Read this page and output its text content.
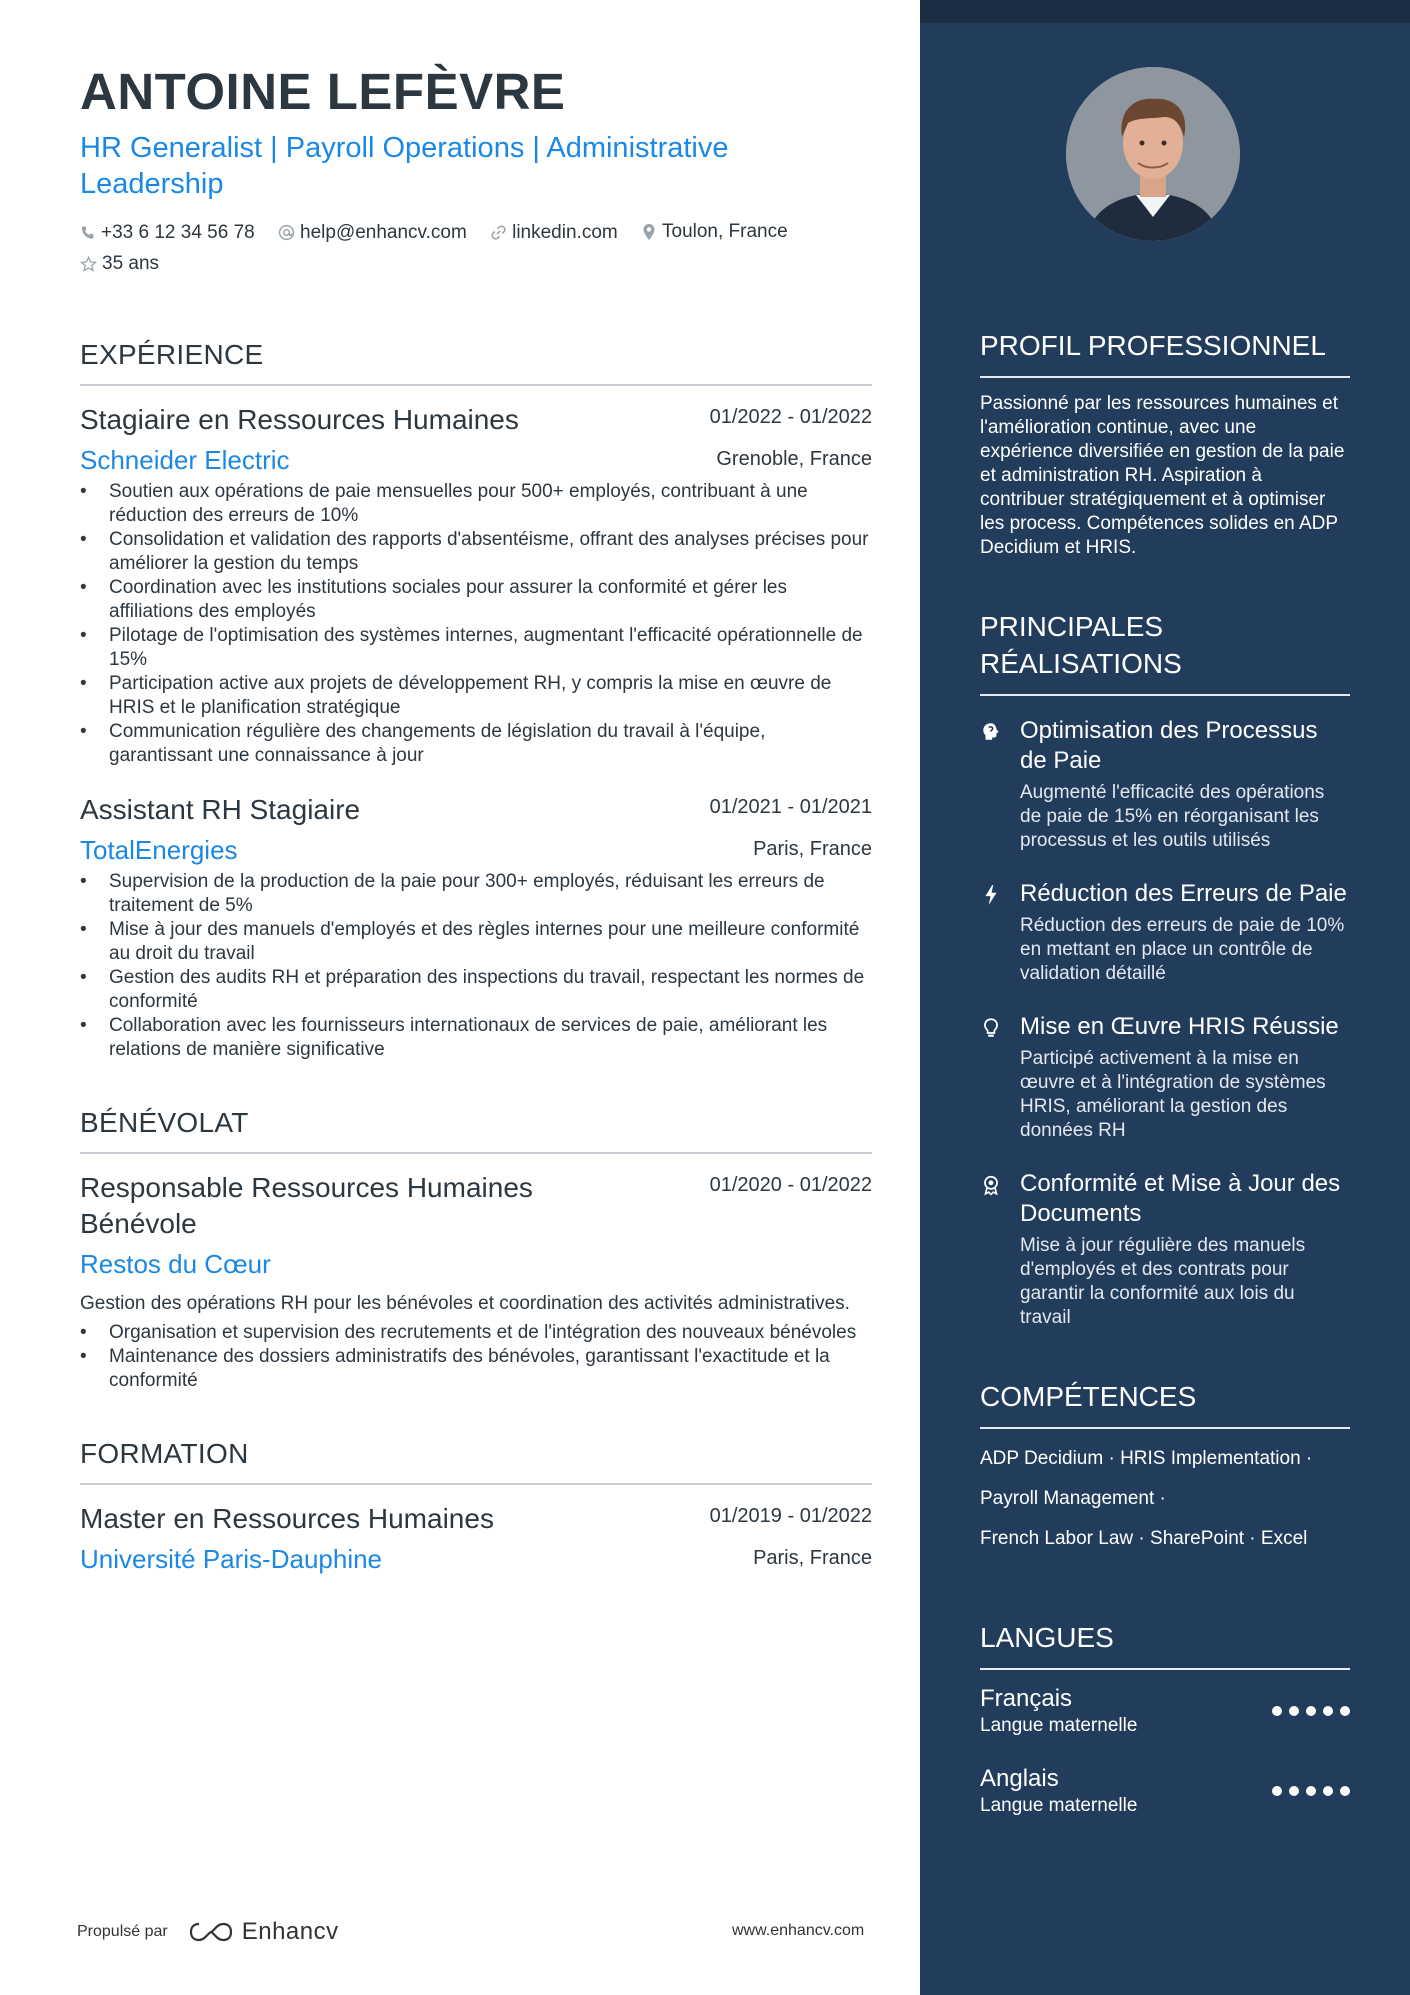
ANTOINE LEFÈVRE
HR Generalist | Payroll Operations | Administrative Leadership
+33 6 12 34 56 78
help@enhancv.com
linkedin.com
Toulon, France

35 ans
EXPÉRIENCE
Stagiaire en Ressources Humaines	01/2022 - 01/2022
Schneider Electric	Grenoble, France
• Soutien aux opérations de paie mensuelles pour 500+ employés, contribuant à une réduction des erreurs de 10%
• Consolidation et validation des rapports d'absentéisme, offrant des analyses précises pour améliorer la gestion du temps
• Coordination avec les institutions sociales pour assurer la conformité et gérer les affiliations des employés
• Pilotage de l'optimisation des systèmes internes, augmentant l'efficacité opérationnelle de 15%
• Participation active aux projets de développement RH, y compris la mise en œuvre de HRIS et le planification stratégique
• Communication régulière des changements de législation du travail à l'équipe, garantissant une connaissance à jour
Assistant RH Stagiaire	01/2021 - 01/2021
TotalEnergies	Paris, France
• Supervision de la production de la paie pour 300+ employés, réduisant les erreurs de traitement de 5%
• Mise à jour des manuels d'employés et des règles internes pour une meilleure conformité au droit du travail
• Gestion des audits RH et préparation des inspections du travail, respectant les normes de conformité
• Collaboration avec les fournisseurs internationaux de services de paie, améliorant les relations de manière significative
BÉNÉVOLAT
Responsable Ressources Humaines Bénévole
01/2020 - 01/2022
Restos du Cœur
Gestion des opérations RH pour les bénévoles et coordination des activités administratives.
• Organisation et supervision des recrutements et de l'intégration des nouveaux bénévoles
• Maintenance des dossiers administratifs des bénévoles, garantissant l'exactitude et la conformité
FORMATION
Master en Ressources Humaines	01/2019 - 01/2022
Université Paris-Dauphine	Paris, France
Propulsé par	Enhancv	www.enhancv.com
PROFIL PROFESSIONNEL
Passionné par les ressources humaines et l'amélioration continue, avec une expérience diversifiée en gestion de la paie et administration RH. Aspiration à contribuer stratégiquement et à optimiser les process. Compétences solides en ADP Decidium et HRIS.
PRINCIPALES RÉALISATIONS
Optimisation des Processus de Paie
Augmenté l'efficacité des opérations de paie de 15% en réorganisant les processus et les outils utilisés
Réduction des Erreurs de Paie
Réduction des erreurs de paie de 10% en mettant en place un contrôle de validation détaillé
Mise en Œuvre HRIS Réussie
Participé activement à la mise en œuvre et à l'intégration de systèmes HRIS, améliorant la gestion des données RH
Conformité et Mise à Jour des Documents
Mise à jour régulière des manuels d'employés et des contrats pour garantir la conformité aux lois du travail
COMPÉTENCES
ADP Decidium · HRIS Implementation ·
Payroll Management ·
French Labor Law · SharePoint · Excel
LANGUES
Français
Langue maternelle
Anglais
Langue maternelle
